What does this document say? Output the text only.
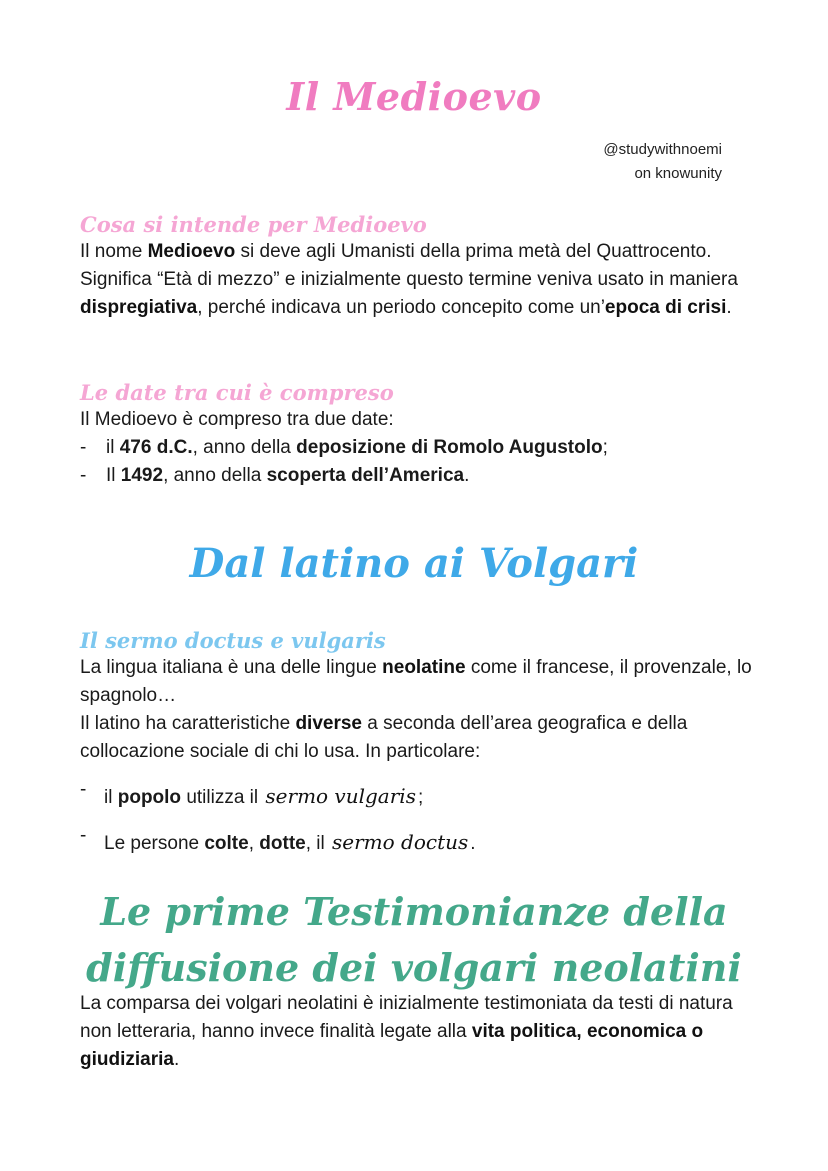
Il Medioevo
@studywithnoemi
on knowunity
Cosa si intende per Medioevo

Il nome Medioevo si deve agli Umanisti della prima metà del Quattrocento. Significa “Età di mezzo” e inizialmente questo termine veniva usato in maniera dispregiativa, perché indicava un periodo concepito come un’epoca di crisi.

Le date tra cui è compreso

Il Medioevo è compreso tra due date:

- il 476 d.C., anno della deposizione di Romolo Augustolo;
- Il 1492, anno della scoperta dell’America.
Dal latino ai Volgari
Il sermo doctus e vulgaris

La lingua italiana è una delle lingue neolatine come il francese, il provenzale, lo spagnolo…

Il latino ha caratteristiche diverse a seconda dell’area geografica e della collocazione sociale di chi lo usa. In particolare:

- il popolo utilizza il sermo vulgaris ;

- Le persone colte, dotte, il sermo doctus .

Le prime Testimonianze della
diffusione dei volgari neolatini

La comparsa dei volgari neolatini è inizialmente testimoniata da testi di natura non letteraria, hanno invece finalità legate alla vita politica, economica o giudiziaria.
